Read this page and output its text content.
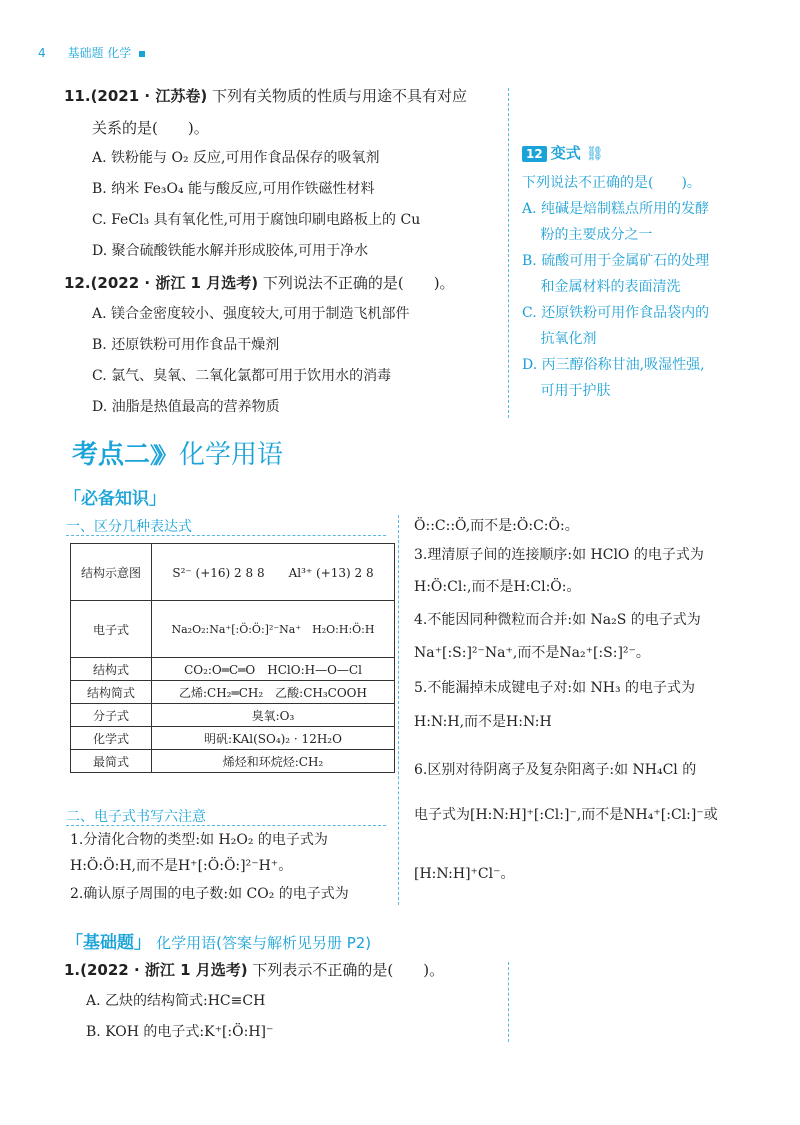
4 基础题 化学
11.(2021 · 江苏卷) 下列有关物质的性质与用途不具有对应
关系的是(　　)。
A. 铁粉能与 O₂ 反应,可用作食品保存的吸氧剂
B. 纳米 Fe₃O₄ 能与酸反应,可用作铁磁性材料
C. FeCl₃ 具有氧化性,可用于腐蚀印刷电路板上的 Cu
D. 聚合硫酸铁能水解并形成胶体,可用于净水
12.(2022 · 浙江 1 月选考) 下列说法不正确的是(　　)。
A. 镁合金密度较小、强度较大,可用于制造飞机部件
B. 还原铁粉可用作食品干燥剂
C. 氯气、臭氧、二氧化氯都可用于饮用水的消毒
D. 油脂是热值最高的营养物质
12 变式 ⛓
下列说法不正确的是(　　)。
A. 纯碱是焙制糕点所用的发酵
　 粉的主要成分之一
B. 硫酸可用于金属矿石的处理
　 和金属材料的表面清洗
C. 还原铁粉可用作食品袋内的
　 抗氧化剂
D. 丙三醇俗称甘油,吸湿性强,
　 可用于护肤
考点二》》 化学用语
「必备知识」
一、区分几种表达式
结构示意图	S²⁻ (+16) 2 8 8　　Al³⁺ (+13) 2 8
电子式	Na₂O₂:Na⁺[:Ö:Ö:]²⁻Na⁺　H₂O:H:Ö:H
结构式	CO₂:O═C═O　HClO:H—O—Cl
结构简式	乙烯:CH₂═CH₂　乙酸:CH₃COOH
分子式	臭氧:O₃
化学式	明矾:KAl(SO₄)₂ · 12H₂O
最简式	烯烃和环烷烃:CH₂
二、电子式书写六注意
1.分清化合物的类型:如 H₂O₂ 的电子式为
H:Ö:Ö:H,而不是H⁺[:Ö:Ö:]²⁻H⁺。
2.确认原子周围的电子数:如 CO₂ 的电子式为
Ö::C::Ö,而不是:Ö:C:Ö:。
3.理清原子间的连接顺序:如 HClO 的电子式为
H:Ö:Cl:,而不是H:Cl:Ö:。
4.不能因同种微粒而合并:如 Na₂S 的电子式为
Na⁺[:S:]²⁻Na⁺,而不是Na₂⁺[:S:]²⁻。
5.不能漏掉未成键电子对:如 NH₃ 的电子式为
H:N:H,而不是H:N:H
6.区别对待阴离子及复杂阳离子:如 NH₄Cl 的
电子式为[H:N:H]⁺[:Cl:]⁻,而不是NH₄⁺[:Cl:]⁻或
[H:N:H]⁺Cl⁻。
「基础题」 化学用语(答案与解析见另册 P2)
1.(2022 · 浙江 1 月选考) 下列表示不正确的是(　　)。
A. 乙炔的结构简式:HC≡CH
B. KOH 的电子式:K⁺[:Ö:H]⁻
